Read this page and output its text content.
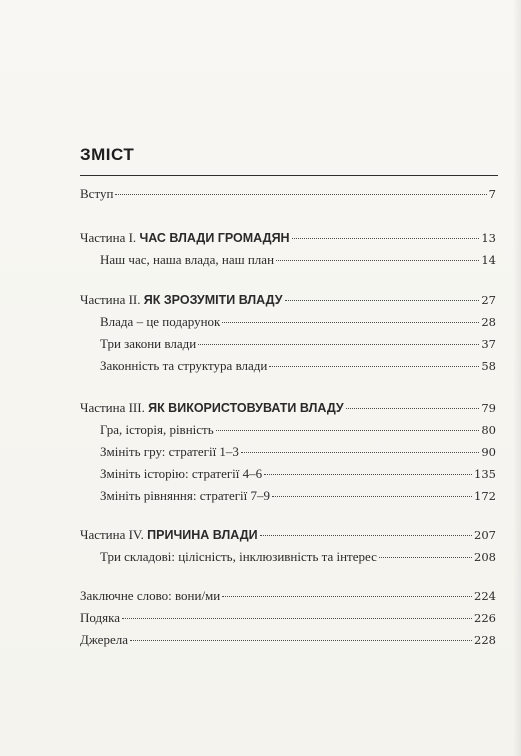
ЗМІСТ
Вступ	7
Частина I. ЧАС ВЛАДИ ГРОМАДЯН	13
Наш час, наша влада, наш план	14
Частина II. ЯК ЗРОЗУМІТИ ВЛАДУ	27
Влада – це подарунок	28
Три закони влади	37
Законність та структура влади	58
Частина III. ЯК ВИКОРИСТОВУВАТИ ВЛАДУ	79
Гра, історія, рівність	80
Змініть гру: стратегії 1–3	90
Змініть історію: стратегії 4–6	135
Змініть рівняння: стратегії 7–9	172
Частина IV. ПРИЧИНА ВЛАДИ	207
Три складові: цілісність, інклюзивність та інтерес	208
Заключне слово: вони/ми	224
Подяка	226
Джерела	228
